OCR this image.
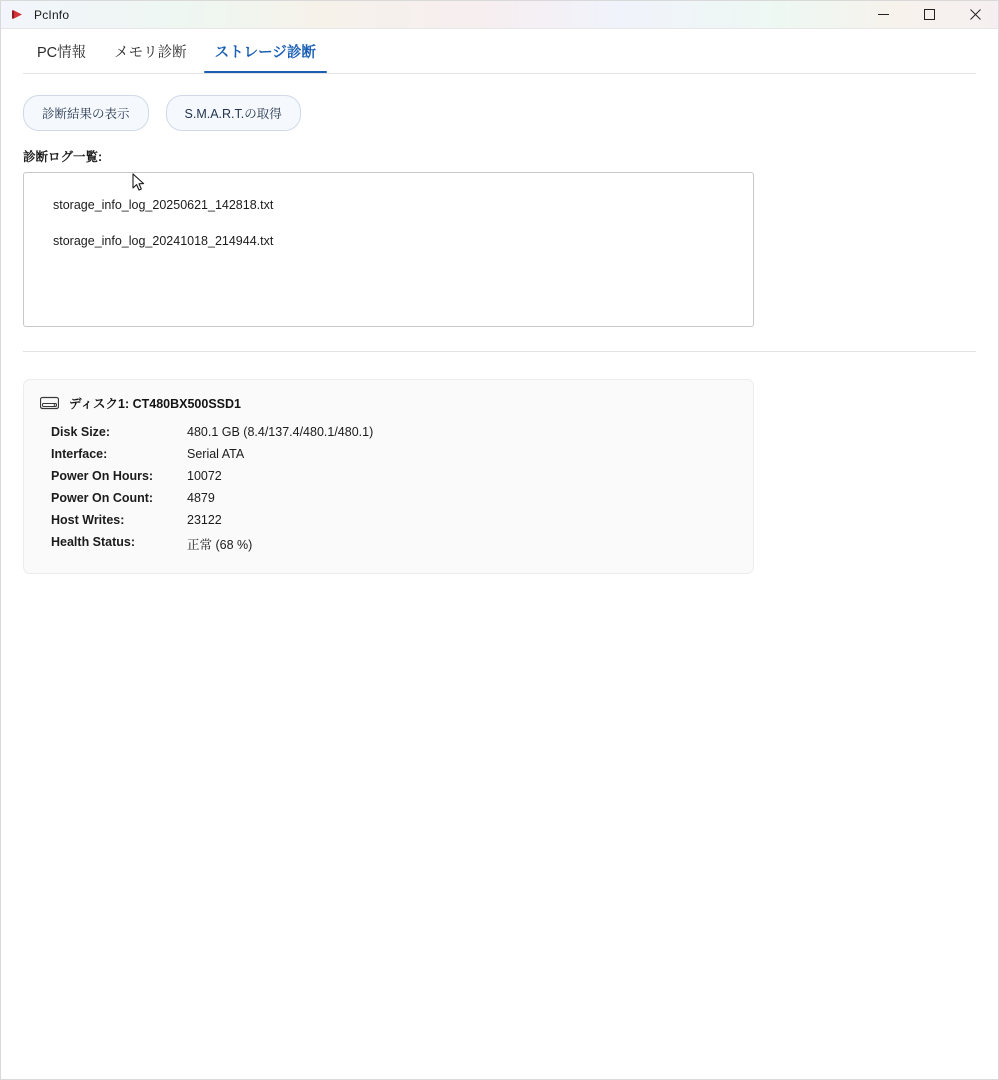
PcInfo
PC情報	メモリ診断	ストレージ診断
診断結果の表示	S.M.A.R.T.の取得
診断ログ一覧:
storage_info_log_20250621_142818.txt
storage_info_log_20241018_214944.txt
ディスク1: CT480BX500SSD1
Disk Size:	480.1 GB (8.4/137.4/480.1/480.1)
Interface:	Serial ATA
Power On Hours:	10072
Power On Count:	4879
Host Writes:	23122
Health Status:	正常 (68 %)
